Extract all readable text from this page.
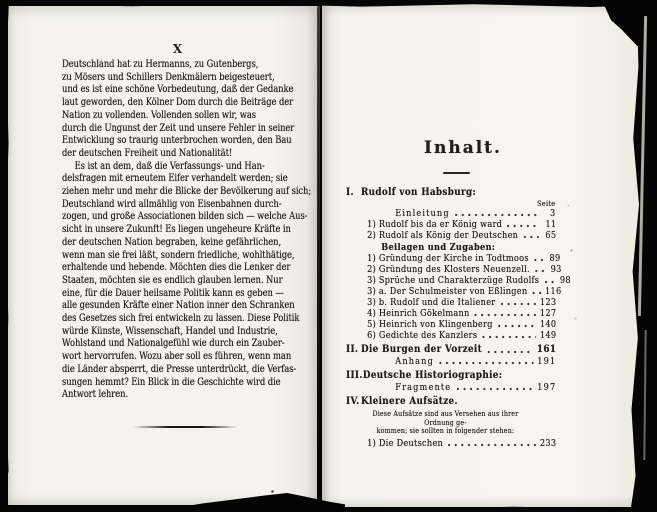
X
Deutschland hat zu Hermanns, zu Gutenbergs,
zu Mösers und Schillers Denkmälern beigesteuert,
und es ist eine schöne Vorbedeutung, daß der Gedanke
laut geworden, den Kölner Dom durch die Beiträge der
Nation zu vollenden. Vollenden sollen wir, was
durch die Ungunst der Zeit und unsere Fehler in seiner
Entwicklung so traurig unterbrochen worden, den Bau
der deutschen Freiheit und Nationalität!
Es ist an dem, daß die Verfassungs- und Han-
delsfragen mit erneutem Eifer verhandelt werden; sie
ziehen mehr und mehr die Blicke der Bevölkerung auf sich;
Deutschland wird allmählig von Eisenbahnen durch-
zogen, und große Associationen bilden sich — welche Aus-
sicht in unsere Zukunft! Es liegen ungeheure Kräfte in
der deutschen Nation begraben, keine gefährlichen,
wenn man sie frei läßt, sondern friedliche, wohlthätige,
erhaltende und hebende. Möchten dies die Lenker der
Staaten, möchten sie es endlich glauben lernen. Nur
eine, für die Dauer heilsame Politik kann es geben —
alle gesunden Kräfte einer Nation inner den Schranken
des Gesetzes sich frei entwickeln zu lassen. Diese Politik
würde Künste, Wissenschaft, Handel und Industrie,
Wohlstand und Nationalgefühl wie durch ein Zauber-
wort hervorrufen. Wozu aber soll es führen, wenn man
die Länder absperrt, die Presse unterdrückt, die Verfas-
sungen hemmt? Ein Blick in die Geschichte wird die
Antwort lehren.
Inhalt.
I. Rudolf von Habsburg:
Seite
Einleitung	3
1) Rudolf bis da er König ward	11
2) Rudolf als König der Deutschen	65
Beilagen und Zugaben:
1) Gründung der Kirche in Todtmoos	89
2) Gründung des Klosters Neuenzell.	93
3) Sprüche und Charakterzüge Rudolfs	98
3) a. Der Schulmeister von Eßlingen 116
3) b. Rudolf und die Italiener	123
4) Heinrich Gökelmann	127
5) Heinrich von Klingenberg	140
6) Gedichte des Kanzlers	149
II. Die Burgen der Vorzeit	161
Anhang	191
III. Deutsche Historiographie:
Fragmente	197
IV. Kleinere Aufsätze.
Diese Aufsätze sind aus Versehen aus ihrer Ordnung ge-
kommen; sie sollten in folgender stehen:
1) Die Deutschen	233
